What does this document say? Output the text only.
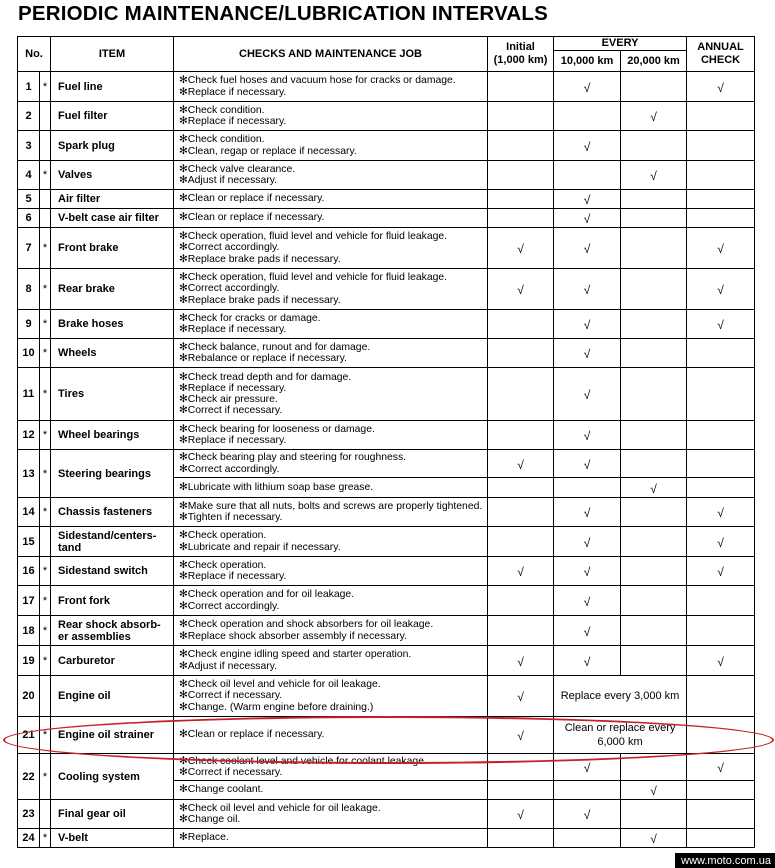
PERIODIC MAINTENANCE/LUBRICATION INTERVALS
No.		ITEM	CHECKS AND MAINTENANCE JOB	Initial
(1,000 km)	EVERY		ANNUAL
CHECK

					10,000 km	20,000 km	
1	*	Fuel line	✻Check fuel hoses and vacuum hose for cracks or damage.
✻Replace if necessary.		√		√
2		Fuel filter	✻Check condition.
✻Replace if necessary.			√	
3		Spark plug	✻Check condition.
✻Clean, regap or replace if necessary.		√		
4	*	Valves	✻Check valve clearance.
✻Adjust if necessary.			√	
5		Air filter	✻Clean or replace if necessary.		√		
6		V-belt case air filter	✻Clean or replace if necessary.		√		
7	*	Front brake	✻Check operation, fluid level and vehicle for fluid leakage.
✻Correct accordingly.
✻Replace brake pads if necessary.	√	√		√
8	*	Rear brake	✻Check operation, fluid level and vehicle for fluid leakage.
✻Correct accordingly.
✻Replace brake pads if necessary.	√	√		√
9	*	Brake hoses	✻Check for cracks or damage.
✻Replace if necessary.		√		√
10	*	Wheels	✻Check balance, runout and for damage.
✻Rebalance or replace if necessary.		√		
11	*	Tires	✻Check tread depth and for damage.
✻Replace if necessary.
✻Check air pressure.
✻Correct if necessary.		√		
12	*	Wheel bearings	✻Check bearing for looseness or damage.
✻Replace if necessary.		√		
13	*	Steering bearings	✻Check bearing play and steering for roughness.
✻Correct accordingly.	√	√		

			✻Lubricate with lithium soap base grease.			√	
14	*	Chassis fasteners	✻Make sure that all nuts, bolts and screws are properly tightened.
✻Tighten if necessary.		√		√
15		Sidestand/centers-
tand	✻Check operation.
✻Lubricate and repair if necessary.		√		√
16	*	Sidestand switch	✻Check operation.
✻Replace if necessary.	√	√		√
17	*	Front fork	✻Check operation and for oil leakage.
✻Correct accordingly.		√		
18	*	Rear shock absorb-
er assemblies	✻Check operation and shock absorbers for oil leakage.
✻Replace shock absorber assembly if necessary.		√		
19	*	Carburetor	✻Check engine idling speed and starter operation.
✻Adjust if necessary.	√	√		√
20		Engine oil	✻Check oil level and vehicle for oil leakage.
✻Correct if necessary.
✻Change. (Warm engine before draining.)	√	Replace every 3,000 km		
21	*	Engine oil strainer	✻Clean or replace if necessary.	√	Clean or replace every 6,000 km		
22	*	Cooling system	✻Check coolant level and vehicle for coolant leakage.
✻Correct if necessary.		√		√

			✻Change coolant.			√	
23		Final gear oil	✻Check oil level and vehicle for oil leakage.
✻Change oil.	√	√		
24	*	V-belt	✻Replace.			√	
www.moto.com.ua
